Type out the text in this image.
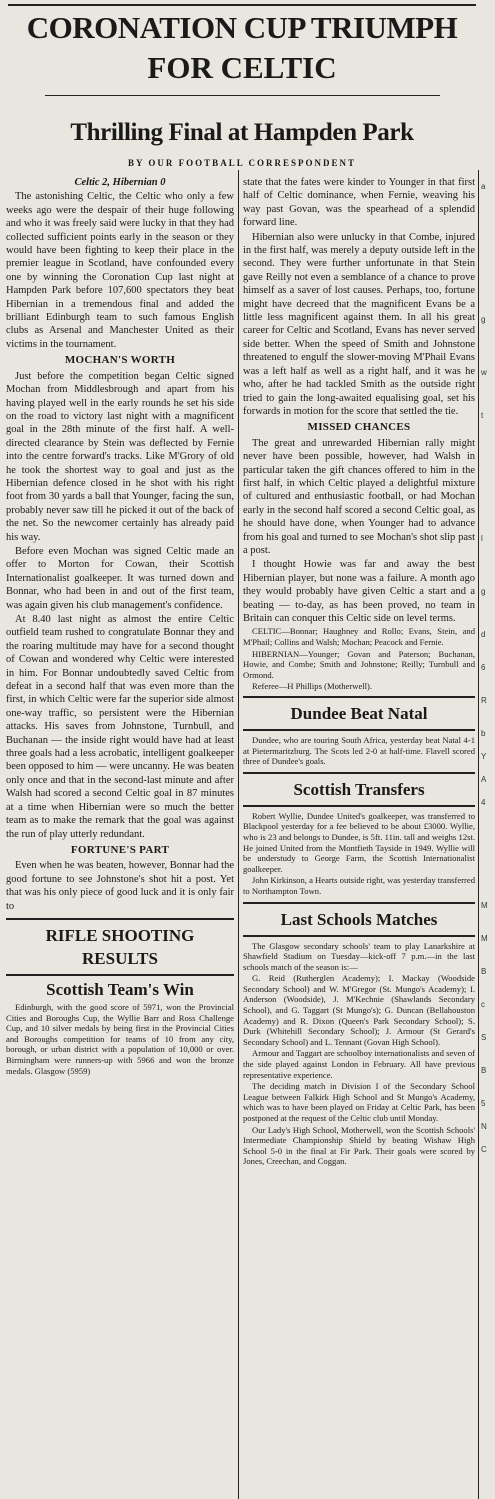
CORONATION CUP TRIUMPH
FOR CELTIC
Thrilling Final at Hampden Park
BY OUR FOOTBALL CORRESPONDENT

Celtic 2, Hibernian 0

The astonishing Celtic, the Celtic who only a few weeks ago were the despair of their huge following and who it was freely said were lucky in that they had collected sufficient points early in the season or they would have been fighting to keep their place in the premier league in Scotland, have confounded every one by winning the Coronation Cup last night at Hampden Park before 107,600 spectators they beat Hibernian in a tremendous final and added the brilliant Edinburgh team to such famous English clubs as Arsenal and Manchester United as their victims in the tournament.

MOCHAN'S WORTH

Just before the competition began Celtic signed Mochan from Middlesbrough and apart from his having played well in the early rounds he set his side on the road to victory last night with a magnificent goal in the 28th minute of the first half. A well-directed clearance by Stein was deflected by Fernie into the centre forward's tracks. Like M'Grory of old he took the shortest way to goal and just as the Hibernian defence closed in he shot with his right foot from 30 yards a ball that Younger, facing the sun, probably never saw till he picked it out of the back of the net. So the newcomer certainly has already paid his way.

Before even Mochan was signed Celtic made an offer to Morton for Cowan, their Scottish Internationalist goalkeeper. It was turned down and Bonnar, who had been in and out of the first team, was again given his club management's confidence.

At 8.40 last night as almost the entire Celtic outfield team rushed to congratulate Bonnar they and the roaring multitude may have for a second thought of Cowan and wondered why Celtic were interested in him. For Bonnar undoubtedly saved Celtic from defeat in a second half that was even more than the first, in which Celtic were far the superior side almost one-way traffic, so persistent were the Hibernian attacks. His saves from Johnstone, Turnbull, and Buchanan — the inside right would have had at least three goals had a less acrobatic, intelligent goalkeeper been opposed to him — were uncanny. He was beaten only once and that in the second-last minute and after Walsh had scored a second Celtic goal in 87 minutes at a time when Hibernian were so much the better team as to make the remark that the goal was against the run of play utterly redundant.

FORTUNE'S PART

Even when he was beaten, however, Bonnar had the good fortune to see Johnstone's shot hit a post. Yet that was his only piece of good luck and it is only fair to

RIFLE SHOOTING
RESULTS
Scottish Team's Win

Edinburgh, with the good score of 5971, won the Provincial Cities and Boroughs Cup, the Wyllie Barr and Ross Challenge Cup, and 10 silver medals by being first in the Provincial Cities and Boroughs competition for teams of 10 from any city, borough, or urban district with a population of 10,000 or over. Birmingham were runners-up with 5966 and won the bronze medals. Glasgow (5959)

state that the fates were kinder to Younger in that first half of Celtic dominance, when Fernie, weaving his way past Govan, was the spearhead of a splendid forward line.

Hibernian also were unlucky in that Combe, injured in the first half, was merely a deputy outside left in the second. They were further unfortunate in that Stein gave Reilly not even a semblance of a chance to prove himself as a saver of lost causes. Perhaps, too, fortune might have decreed that the magnificent Evans be a little less magnificent against them. In all his great career for Celtic and Scotland, Evans has never served side better. When the speed of Smith and Johnstone threatened to engulf the slower-moving M'Phail Evans was a left half as well as a right half, and it was he who, after he had tackled Smith as the outside right tried to gain the long-awaited equalising goal, set his forwards in motion for the score that settled the tie.

MISSED CHANCES

The great and unrewarded Hibernian rally might never have been possible, however, had Walsh in particular taken the gift chances offered to him in the first half, in which Celtic played a delightful mixture of cultured and enthusiastic football, or had Mochan early in the second half scored a second Celtic goal, as he should have done, when Younger had to advance from his goal and turned to see Mochan's shot slip past a post.

I thought Howie was far and away the best Hibernian player, but none was a failure. A month ago they would probably have given Celtic a start and a beating — to-day, as has been proved, no team in Britain can conquer this Celtic side on level terms.

CELTIC—Bonnar; Haughney and Rollo; Evans, Stein, and M'Phail; Collins and Walsh; Mochan; Peacock and Fernie.

HIBERNIAN—Younger; Govan and Paterson; Buchanan, Howie, and Combe; Smith and Johnstone; Reilly; Turnbull and Ormond.

Referee—H Phillips (Motherwell).

Dundee Beat Natal

Dundee, who are touring South Africa, yesterday beat Natal 4-1 at Pietermaritzburg. The Scots led 2-0 at half-time. Flavell scored three of Dundee's goals.

Scottish Transfers

Robert Wyllie, Dundee United's goalkeeper, was transferred to Blackpool yesterday for a fee believed to be about £3000. Wyllie, who is 23 and belongs to Dundee, is 5ft. 11in. tall and weighs 12st. He joined United from the Montfieth Tayside in 1949. Wyllie will be understudy to George Farm, the Scottish Internationalist goalkeeper.

John Kirkinson, a Hearts outside right, was yesterday transferred to Northampton Town.

Last Schools Matches

The Glasgow secondary schools' team to play Lanarkshire at Shawfield Stadium on Tuesday—kick-off 7 p.m.—in the last schools match of the season is:—

G. Reid (Rutherglen Academy); I. Mackay (Woodside Secondary School) and W. M'Gregor (St. Mungo's Academy); I. Anderson (Woodside), J. M'Kechnie (Shawlands Secondary School), and G. Taggart (St Mungo's); G. Duncan (Bellahouston Academy) and R. Dixon (Queen's Park Secondary School); S. Durk (Whitehill Secondary School); J. Armour (St Gerard's Secondary School) and L. Tennant (Govan High School).

Armour and Taggart are schoolboy internationalists and seven of the side played against London in February. All have previous representative experience.

The deciding match in Division I of the Secondary School League between Falkirk High School and St Mungo's Academy, which was to have been played on Friday at Celtic Park, has been postponed at the request of the Celtic club until Monday.

Our Lady's High School, Motherwell, won the Scottish Schools' Intermediate Championship Shield by beating Wishaw High School 5-0 in the final at Fir Park. Their goals were scored by Jones, Creechan, and Coggan.

a
g
w
t
l
g
d
6
R
b
Y
A
4
M
M
B
c
S
B
5
N
C
